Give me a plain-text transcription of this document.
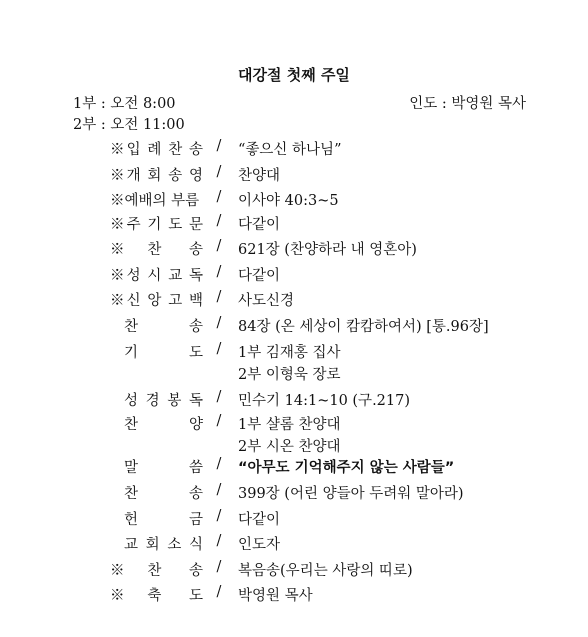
대강절 첫째 주일
1부 : 오전 8:00
2부 : 오전 11:00
인도 : 박영원 목사
※입 례 찬 송 / “좋으신 하나님”
※개 회 송 영 / 찬양대
※예배의 부름 / 이사야 40:3~5
※주 기 도 문 / 다같이
※찬 송 / 621장 (찬양하라 내 영혼아)
※성 시 교 독 / 다같이
※신 앙 고 백 / 사도신경
찬 송 / 84장 (온 세상이 캄캄하여서) [통.96장]
기 도 / 1부 김재홍 집사
2부 이형욱 장로
성 경 봉 독 / 민수기 14:1~10 (구.217)
찬 양 / 1부 샬롬 찬양대
2부 시온 찬양대
말 씀 / “아무도 기억해주지 않는 사람들”
찬 송 / 399장 (어린 양들아 두려워 말아라)
헌 금 / 다같이
교 회 소 식 / 인도자
※찬 송 / 복음송(우리는 사랑의 띠로)
※축 도 / 박영원 목사
